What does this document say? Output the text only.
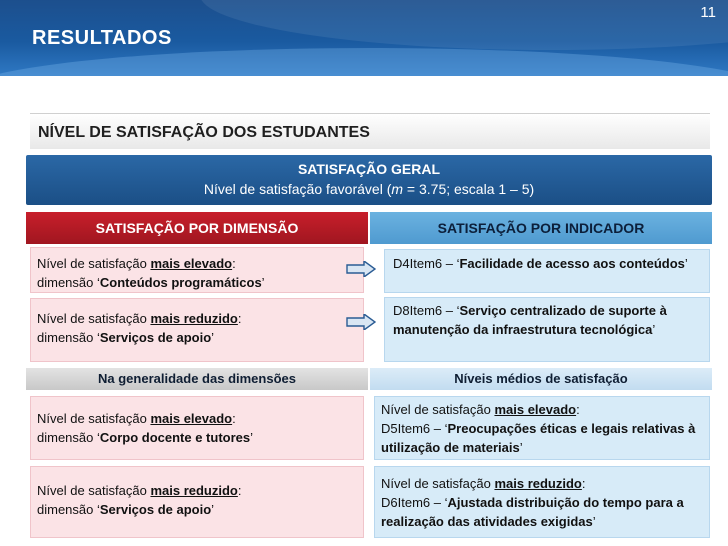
11
RESULTADOS
NÍVEL DE SATISFAÇÃO DOS ESTUDANTES
SATISFAÇÃO GERAL
Nível de satisfação favorável (m = 3.75; escala 1 – 5)
SATISFAÇÃO POR DIMENSÃO	SATISFAÇÃO POR INDICADOR
Nível de satisfação mais elevado:
dimensão ‘Conteúdos programáticos’
D4Item6 – ‘Facilidade de acesso aos conteúdos’
Nível de satisfação mais reduzido:
dimensão ‘Serviços de apoio’
D8Item6 – ‘Serviço centralizado de suporte à manutenção da infraestrutura tecnológica’
Na generalidade das dimensões	Níveis médios de satisfação
Nível de satisfação mais elevado:
dimensão ‘Corpo docente e tutores’
Nível de satisfação mais elevado:
D5Item6 – ‘Preocupações éticas e legais relativas à utilização de materiais’
Nível de satisfação mais reduzido:
dimensão ‘Serviços de apoio’
Nível de satisfação mais reduzido:
D6Item6 – ‘Ajustada distribuição do tempo para a realização das atividades exigidas’
